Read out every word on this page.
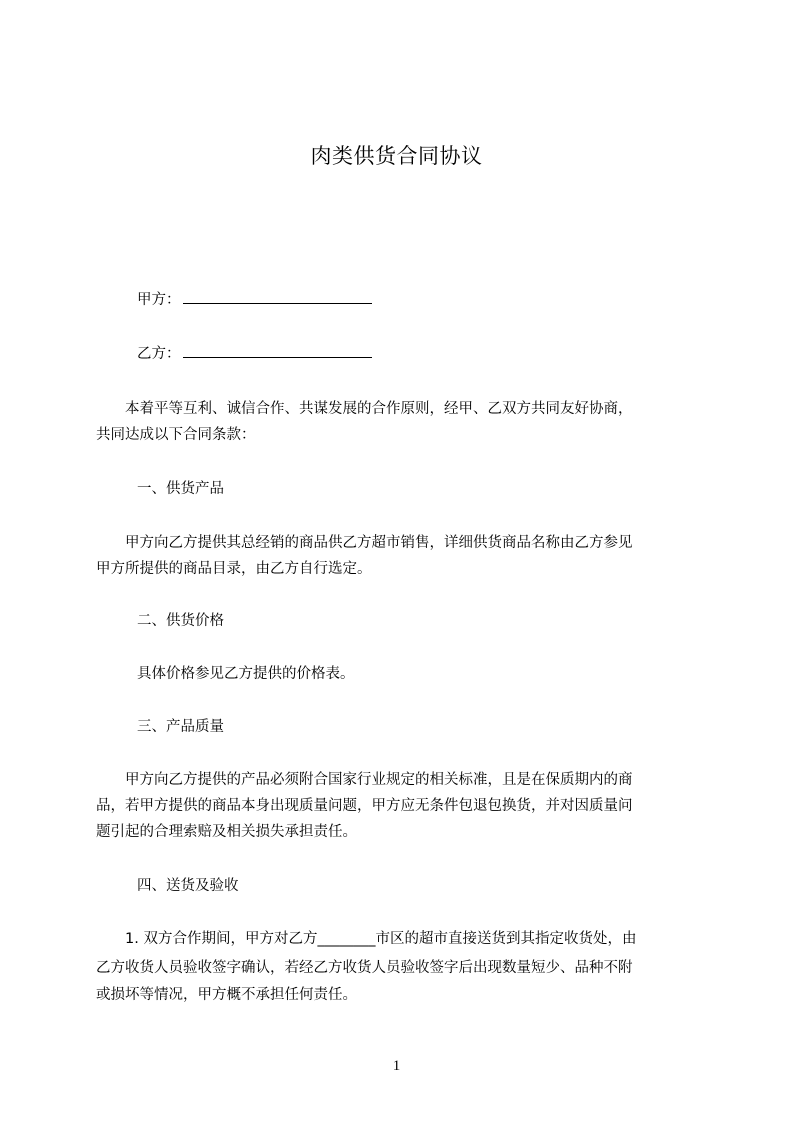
肉类供货合同协议
甲方：
乙方：
　　本着平等互利、诚信合作、共谋发展的合作原则，经甲、乙双方共同友好协商，
共同达成以下合同条款：
一、供货产品
　　甲方向乙方提供其总经销的商品供乙方超市销售，详细供货商品名称由乙方参见
甲方所提供的商品目录，由乙方自行选定。
二、供货价格
具体价格参见乙方提供的价格表。
三、产品质量
　　甲方向乙方提供的产品必须附合国家行业规定的相关标准，且是在保质期内的商
品，若甲方提供的商品本身出现质量问题，甲方应无条件包退包换货，并对因质量问
题引起的合理索赔及相关损失承担责任。
四、送货及验收
　　1. 双方合作期间，甲方对乙方________市区的超市直接送货到其指定收货处，由
乙方收货人员验收签字确认，若经乙方收货人员验收签字后出现数量短少、品种不附
或损坏等情况，甲方概不承担任何责任。
1
